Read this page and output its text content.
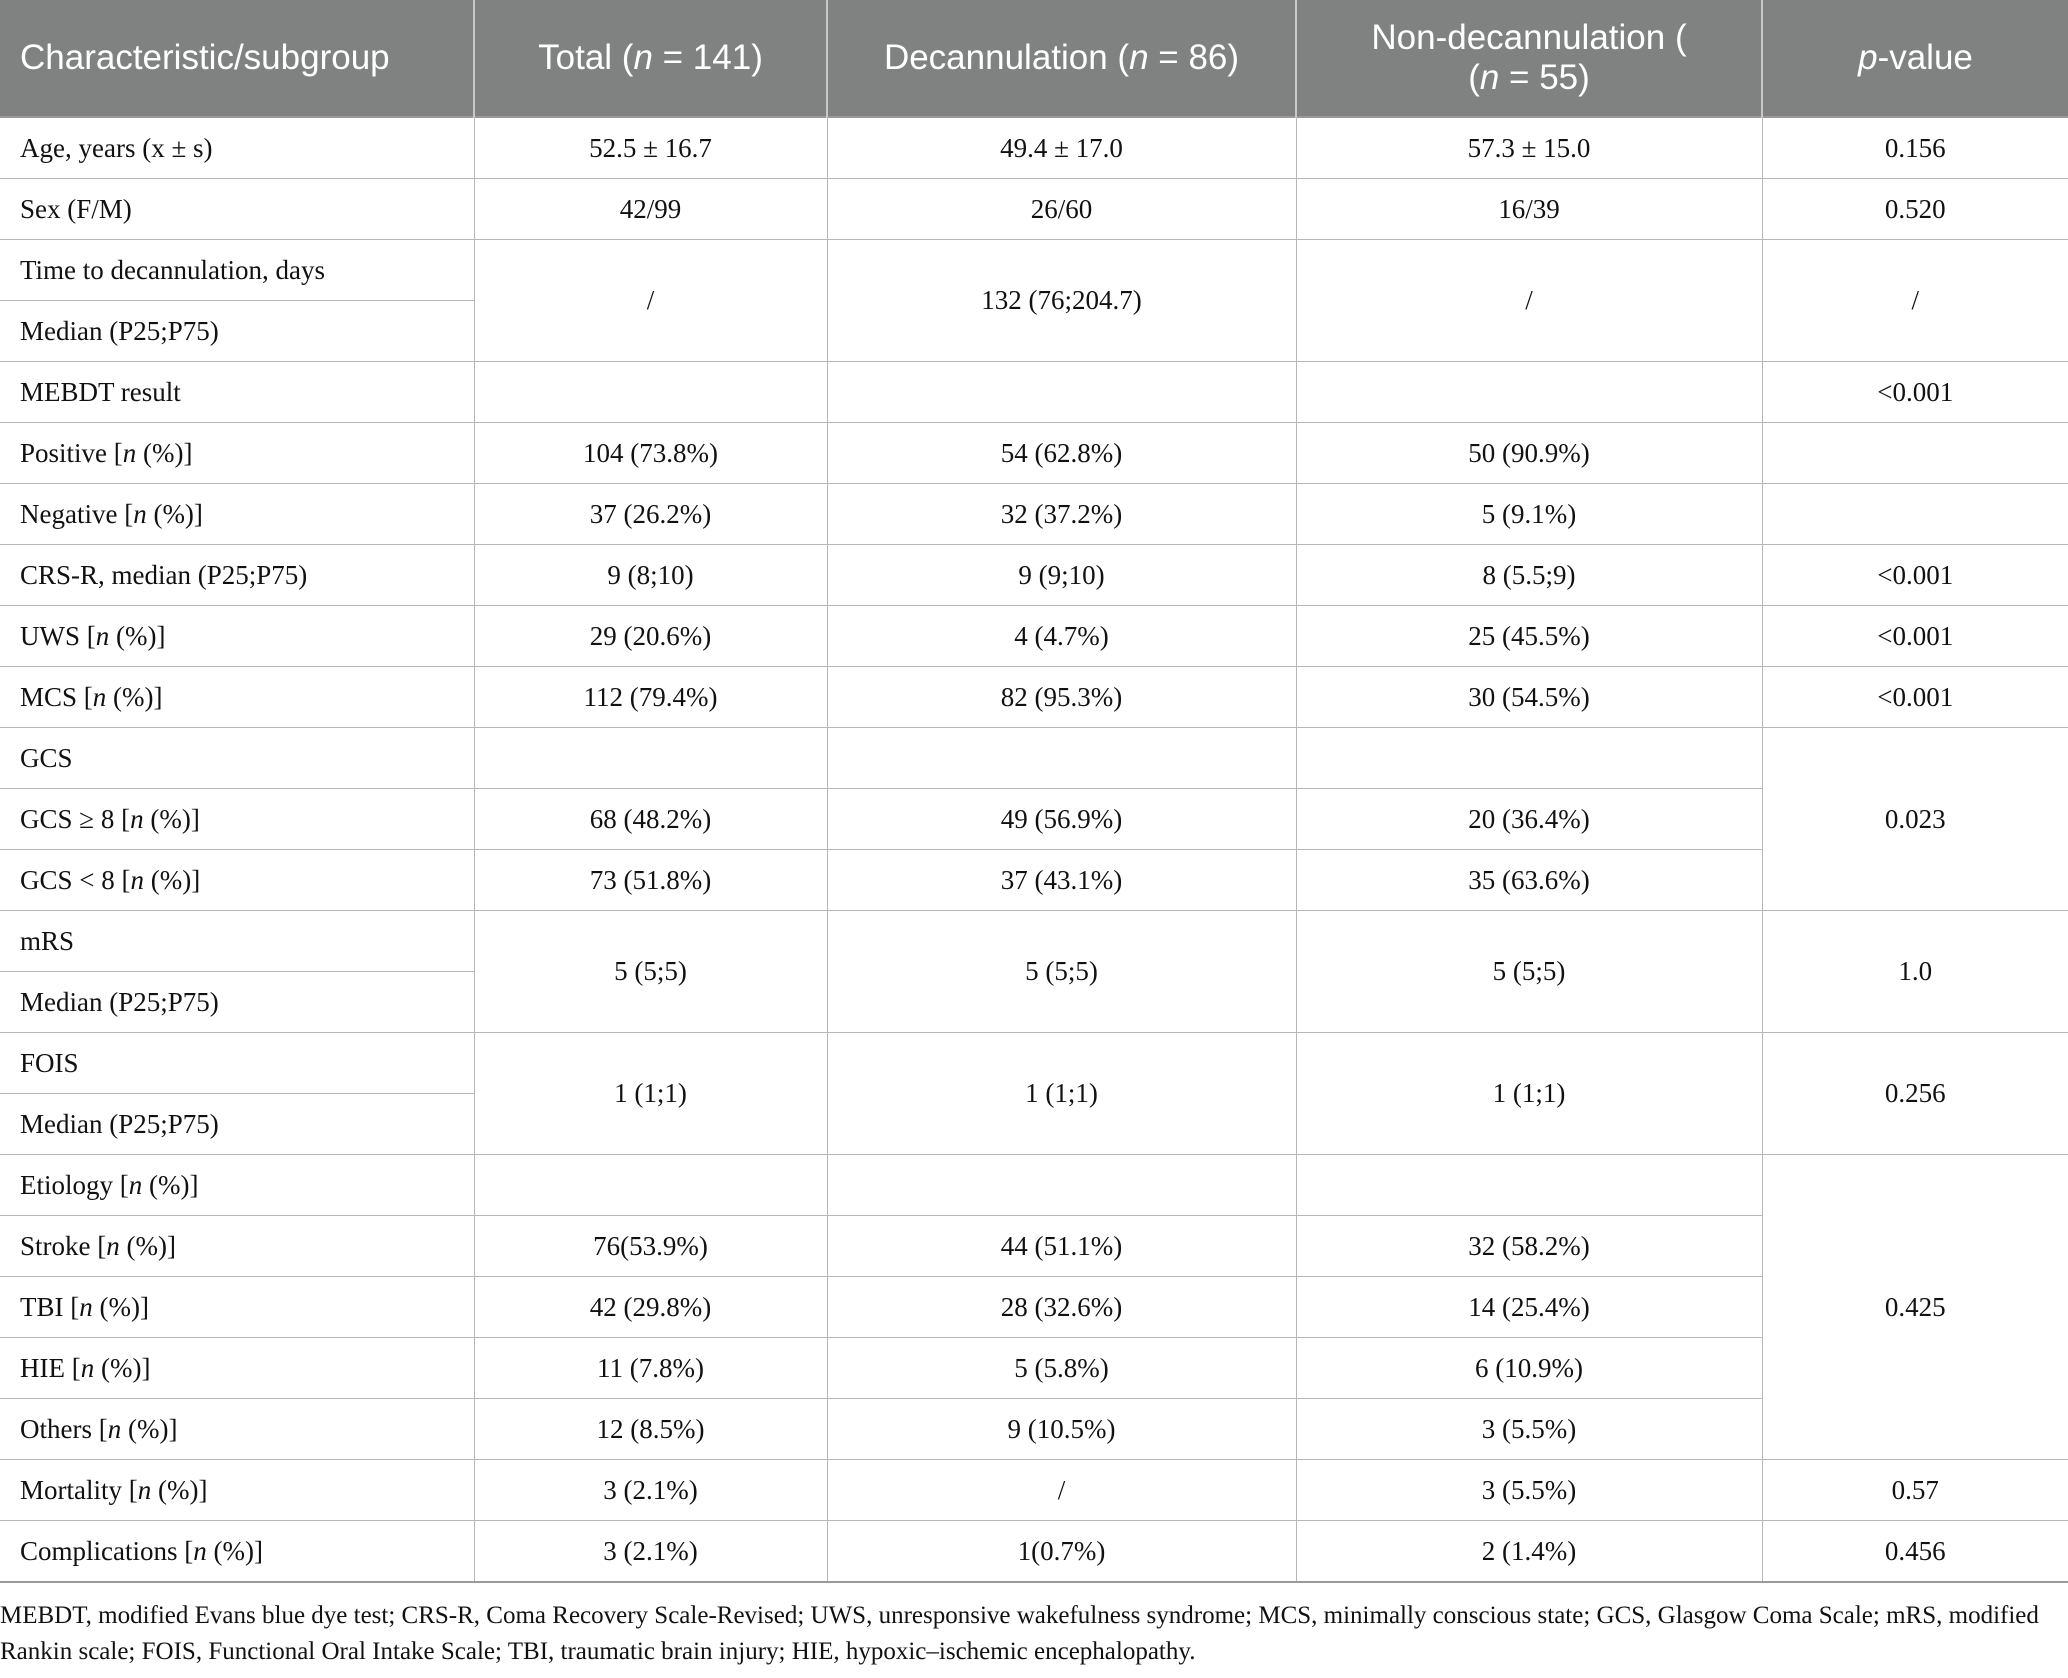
Characteristic/subgroup	Total (n = 141)	Decannulation (n = 86)	Non-decannulation (
(n = 55)	p-value
Age, years (x ± s)	52.5 ± 16.7	49.4 ± 17.0	57.3 ± 15.0	0.156
Sex (F/M)	42/99	26/60	16/39	0.520
Time to decannulation, days	/	132 (76;204.7)	/	/
Median (P25;P75)				
MEBDT result				<0.001
Positive [n (%)]	104 (73.8%)	54 (62.8%)	50 (90.9%)	
Negative [n (%)]	37 (26.2%)	32 (37.2%)	5 (9.1%)	
CRS-R, median (P25;P75)	9 (8;10)	9 (9;10)	8 (5.5;9)	<0.001
UWS [n (%)]	29 (20.6%)	4 (4.7%)	25 (45.5%)	<0.001
MCS [n (%)]	112 (79.4%)	82 (95.3%)	30 (54.5%)	<0.001
GCS				0.023
GCS ≥ 8 [n (%)]	68 (48.2%)	49 (56.9%)	20 (36.4%)	
GCS < 8 [n (%)]	73 (51.8%)	37 (43.1%)	35 (63.6%)	
mRS	5 (5;5)	5 (5;5)	5 (5;5)	1.0
Median (P25;P75)				
FOIS	1 (1;1)	1 (1;1)	1 (1;1)	0.256
Median (P25;P75)				
Etiology [n (%)]				0.425
Stroke [n (%)]	76(53.9%)	44 (51.1%)	32 (58.2%)	
TBI [n (%)]	42 (29.8%)	28 (32.6%)	14 (25.4%)	
HIE [n (%)]	11 (7.8%)	5 (5.8%)	6 (10.9%)	
Others [n (%)]	12 (8.5%)	9 (10.5%)	3 (5.5%)	
Mortality [n (%)]	3 (2.1%)	/	3 (5.5%)	0.57
Complications [n (%)]	3 (2.1%)	1(0.7%)	2 (1.4%)	0.456
MEBDT, modified Evans blue dye test; CRS-R, Coma Recovery Scale-Revised; UWS, unresponsive wakefulness syndrome; MCS, minimally conscious state; GCS, Glasgow Coma Scale; mRS, modified Rankin scale; FOIS, Functional Oral Intake Scale; TBI, traumatic brain injury; HIE, hypoxic–ischemic encephalopathy.
